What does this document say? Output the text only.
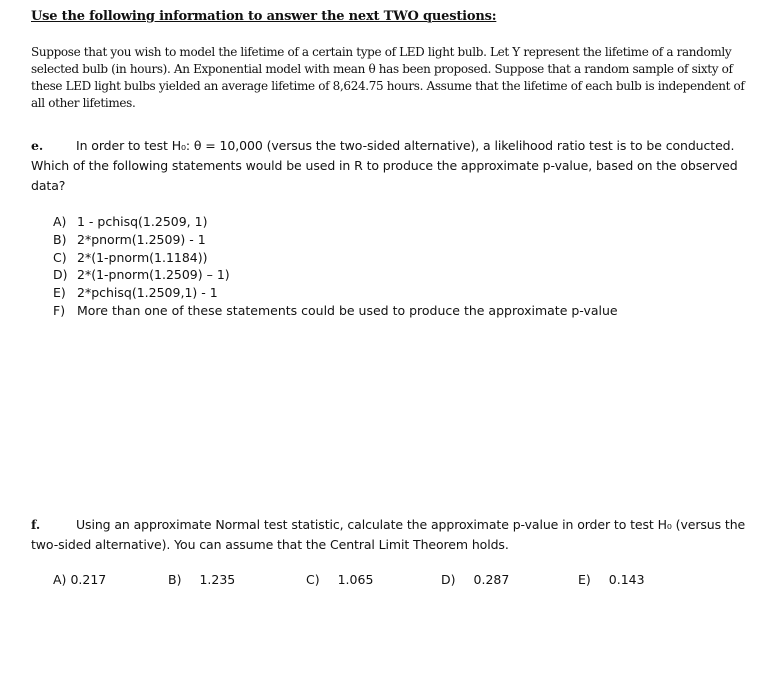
Use the following information to answer the next TWO questions:
Suppose that you wish to model the lifetime of a certain type of LED light bulb. Let Y represent the lifetime of a randomly selected bulb (in hours). An Exponential model with mean θ has been proposed. Suppose that a random sample of sixty of these LED light bulbs yielded an average lifetime of 8,624.75 hours. Assume that the lifetime of each bulb is independent of all other lifetimes.
e.	In order to test H₀: θ = 10,000 (versus the two-sided alternative), a likelihood ratio test is to be conducted. Which of the following statements would be used in R to produce the approximate p-value, based on the observed data?
A) 1 - pchisq(1.2509, 1)
B) 2*pnorm(1.2509) - 1
C) 2*(1-pnorm(1.1184))
D) 2*(1-pnorm(1.2509) – 1)
E) 2*pchisq(1.2509,1) - 1
F) More than one of these statements could be used to produce the approximate p-value
f.	Using an approximate Normal test statistic, calculate the approximate p-value in order to test H₀ (versus the two-sided alternative). You can assume that the Central Limit Theorem holds.
A) 0.217	B) 1.235	C) 1.065	D) 0.287	E) 0.143
